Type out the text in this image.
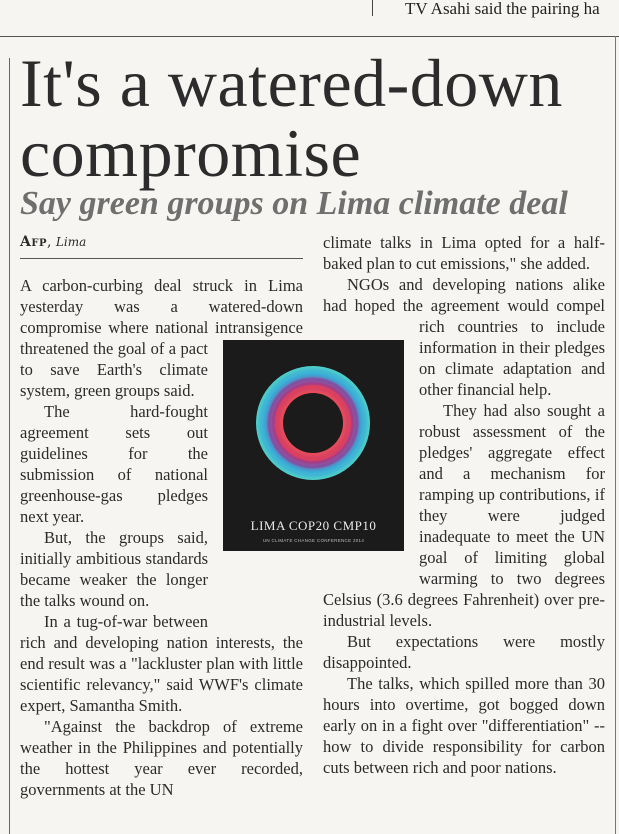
TV Asahi said the pairing ha
It's a watered-down compromise
Say green groups on Lima climate deal
Afp, Lima

A carbon-curbing deal struck in Lima yesterday was a watered-down compromise where national intransigence threatened the goal of a pact to save Earth's climate system, green groups said.

The hard-fought agreement sets out guidelines for the submission of national greenhouse-gas pledges next year.

But, the groups said, initially ambitious standards became weaker the longer the talks wound on.

In a tug-of-war between rich and developing nation interests, the end result was a "lackluster plan with little scientific relevancy," said WWF's climate expert, Samantha Smith.

"Against the backdrop of extreme weather in the Philippines and potentially the hottest year ever recorded, governments at the UN

climate talks in Lima opted for a half-baked plan to cut emissions," she added.

NGOs and developing nations alike had hoped the agreement would compel rich countries to include information in their pledges on climate adaptation and other financial help.

They had also sought a robust assessment of the pledges' aggregate effect and a mechanism for ramping up contributions, if they were judged inadequate to meet the UN goal of limiting global warming to two degrees Celsius (3.6 degrees Fahrenheit) over pre-industrial levels.

But expectations were mostly disappointed.

The talks, which spilled more than 30 hours into overtime, got bogged down early on in a fight over "differentiation" -- how to divide responsibility for carbon cuts between rich and poor nations.

LIMA COP20 CMP10
UN CLIMATE CHANGE CONFERENCE 2014
